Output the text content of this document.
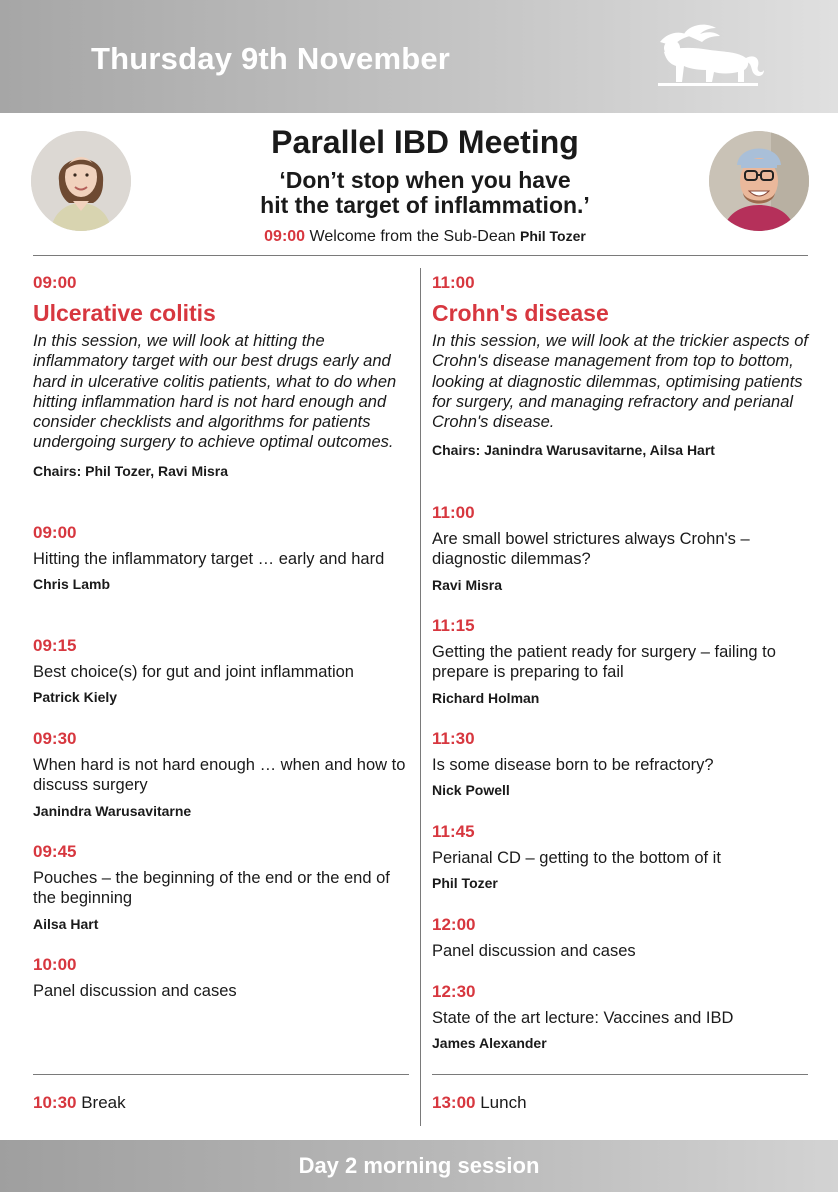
Thursday 9th November
Parallel IBD Meeting
‘Don’t stop when you have
hit the target of inflammation.’
09:00 Welcome from the Sub-Dean Phil Tozer
09:00
Ulcerative colitis
In this session, we will look at hitting the inflammatory target with our best drugs early and hard in ulcerative colitis patients, what to do when hitting inflammation hard is not hard enough and consider checklists and algorithms for patients undergoing surgery to achieve optimal outcomes.
Chairs: Phil Tozer, Ravi Misra
09:00
Hitting the inflammatory target … early and hard
Chris Lamb
09:15
Best choice(s) for gut and joint inflammation
Patrick Kiely
09:30
When hard is not hard enough … when and how to discuss surgery
Janindra Warusavitarne
09:45
Pouches – the beginning of the end or the end of the beginning
Ailsa Hart
10:00
Panel discussion and cases
10:30 Break
11:00
Crohn's disease
In this session, we will look at the trickier aspects of Crohn's disease management from top to bottom, looking at diagnostic dilemmas, optimising patients for surgery, and managing refractory and perianal Crohn's disease.
Chairs: Janindra Warusavitarne, Ailsa Hart
11:00
Are small bowel strictures always Crohn's – diagnostic dilemmas?
Ravi Misra
11:15
Getting the patient ready for surgery – failing to prepare is preparing to fail
Richard Holman
11:30
Is some disease born to be refractory?
Nick Powell
11:45
Perianal CD – getting to the bottom of it
Phil Tozer
12:00
Panel discussion and cases
12:30
State of the art lecture: Vaccines and IBD
James Alexander
13:00 Lunch
Day 2 morning session
